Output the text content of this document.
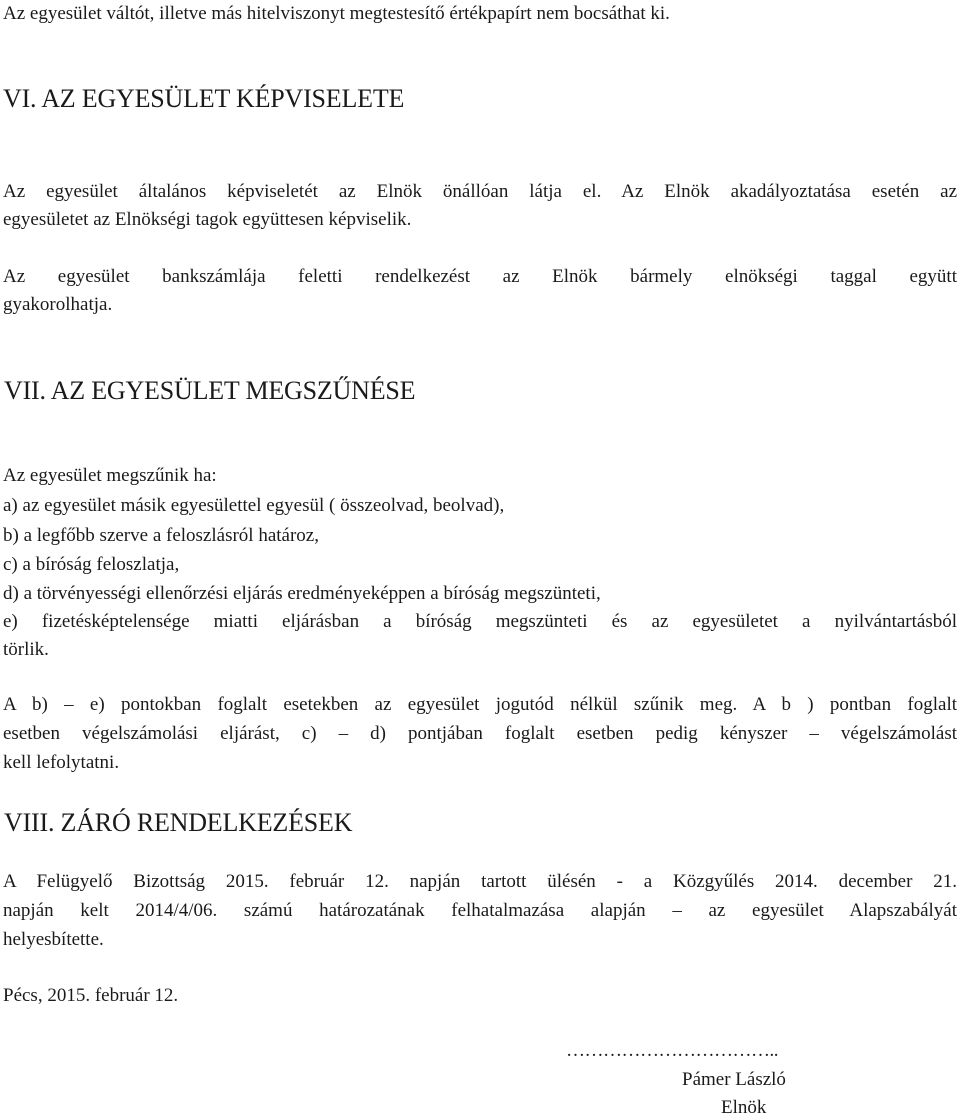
Az egyesület váltót, illetve más hitelviszonyt megtestesítő értékpapírt nem bocsáthat ki.
VI. AZ EGYESÜLET KÉPVISELETE
Az egyesület általános képviseletét az Elnök önállóan látja el. Az Elnök akadályoztatása esetén az
egyesületet az Elnökségi tagok együttesen képviselik.
Az egyesület bankszámlája feletti rendelkezést az Elnök bármely elnökségi taggal együtt
gyakorolhatja.
VII. AZ EGYESÜLET MEGSZŰNÉSE
Az egyesület megszűnik ha:
a) az egyesület másik egyesülettel egyesül ( összeolvad, beolvad),
b) a legfőbb szerve a feloszlásról határoz,
c) a bíróság feloszlatja,
d) a törvényességi ellenőrzési eljárás eredményeképpen a bíróság megszünteti,
e) fizetésképtelensége miatti eljárásban a bíróság megszünteti és az egyesületet a nyilvántartásból
törlik.
A b) – e) pontokban foglalt esetekben az egyesület jogutód nélkül szűnik meg. A b ) pontban foglalt
esetben végelszámolási eljárást, c) – d) pontjában foglalt esetben pedig kényszer – végelszámolást
kell lefolytatni.
VIII. ZÁRÓ RENDELKEZÉSEK
A Felügyelő Bizottság 2015. február 12. napján tartott ülésén - a Közgyűlés 2014. december 21.
napján kelt 2014/4/06. számú határozatának felhatalmazása alapján – az egyesület Alapszabályát
helyesbítette.
Pécs, 2015. február 12.
……………………………..
Pámer László
Elnök
